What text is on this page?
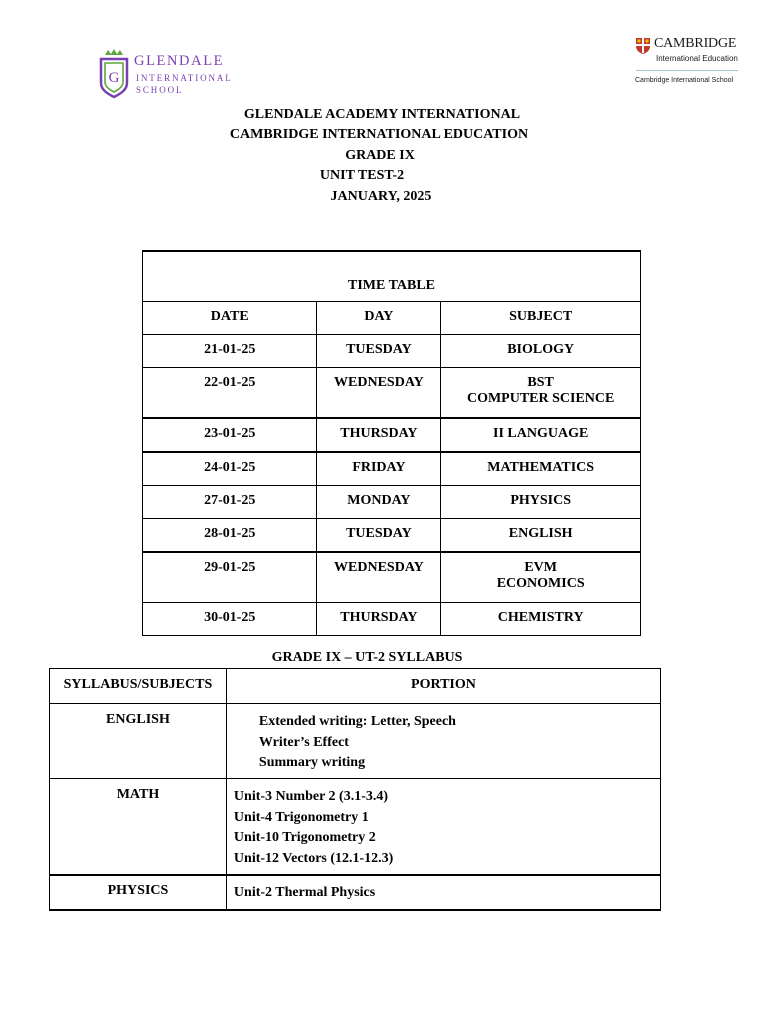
G
GLENDALE
INTERNATIONAL
SCHOOL
CAMBRIDGE
International Education
Cambridge International School
GLENDALE ACADEMY INTERNATIONAL
CAMBRIDGE INTERNATIONAL EDUCATION
GRADE IX
UNIT TEST-2
JANUARY, 2025
TIME TABLE		
DATE	DAY	SUBJECT
21-01-25	TUESDAY	BIOLOGY

22-01-25	WEDNESDAY	BST
COMPUTER SCIENCE

23-01-25	THURSDAY	II LANGUAGE

24-01-25	FRIDAY	MATHEMATICS

27-01-25	MONDAY	PHYSICS

28-01-25	TUESDAY	ENGLISH

29-01-25	WEDNESDAY	EVM
ECONOMICS

30-01-25	THURSDAY	CHEMISTRY
GRADE IX – UT-2 SYLLABUS
SYLLABUS/SUBJECTS	PORTION
ENGLISH	Extended writing: Letter, Speech
Writer’s Effect
Summary writing

MATH	Unit-3 Number 2 (3.1-3.4)
Unit-4 Trigonometry 1
Unit-10 Trigonometry 2
Unit-12 Vectors (12.1-12.3)

PHYSICS	Unit-2 Thermal Physics
